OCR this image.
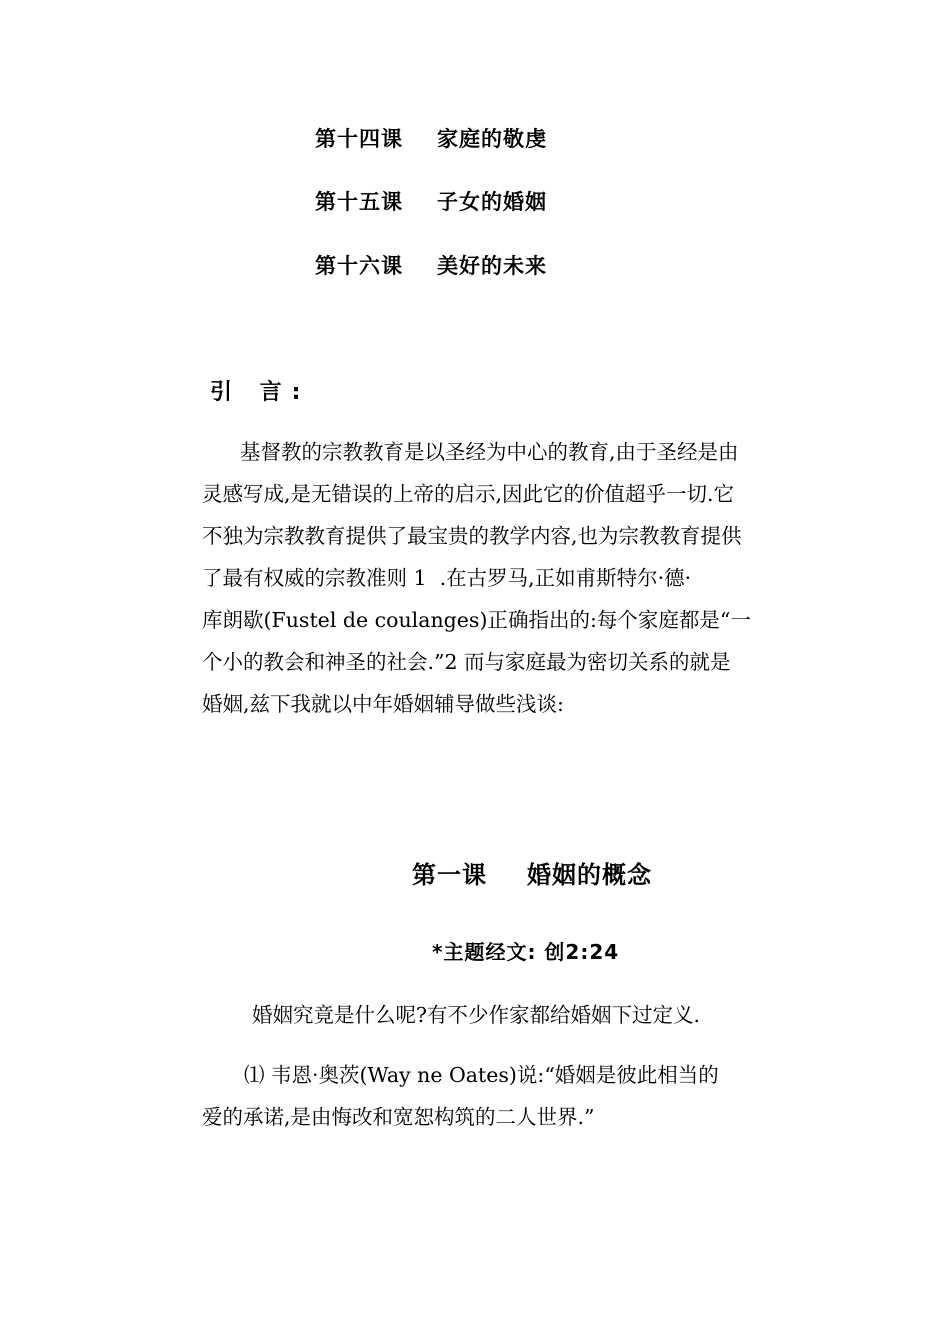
第十四课 家庭的敬虔
第十五课 子女的婚姻
第十六课 美好的未来
引 言:
基督教的宗教教育是以圣经为中心的教育,由于圣经是由
灵感写成,是无错误的上帝的启示,因此它的价值超乎一切.它
不独为宗教教育提供了最宝贵的教学内容,也为宗教教育提供
了最有权威的宗教准则 1  .在古罗马,正如甫斯特尔·德·
库朗歇(Fustel de coulanges)正确指出的:每个家庭都是“一
个小的教会和神圣的社会.”2 而与家庭最为密切关系的就是
婚姻,兹下我就以中年婚姻辅导做些浅谈:
第一课 婚姻的概念
*主题经文: 创2:24
婚姻究竟是什么呢?有不少作家都给婚姻下过定义.
⑴ 韦恩·奥茨(Way ne Oates)说:“婚姻是彼此相当的
爱的承诺,是由悔改和宽恕构筑的二人世界.”
